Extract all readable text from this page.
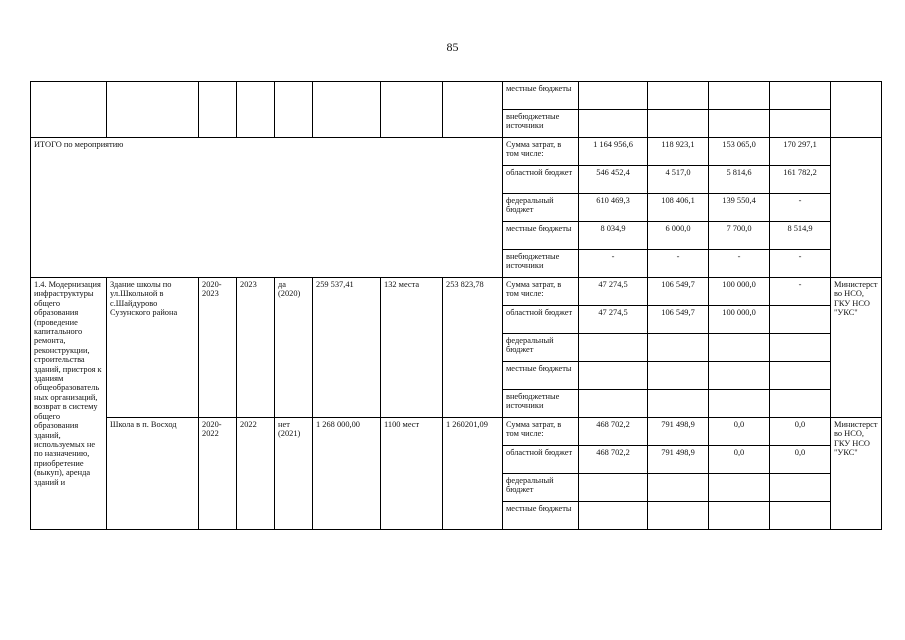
85
								местные бюджеты					
								внебюджетные источники					
ИТОГО по мероприятию								Сумма затрат, в том числе:	1 164 956,6	118 923,1	153 065,0	170 297,1	
								областной бюджет	546 452,4	4 517,0	5 814,6	161 782,2	
								федеральный бюджет	610 469,3	108 406,1	139 550,4	-	
								местные бюджеты	8 034,9	6 000,0	7 700,0	8 514,9	
								внебюджетные источники	-	-	-	-	
1.4. Модернизация инфраструктуры общего образования (проведение капитального ремонта, реконструкции, строительства зданий, пристроя к зданиям общеобразовательных организаций, возврат в систему общего образования зданий, используемых не по назначению, приобретение (выкуп), аренда зданий и	Здание школы по ул.Школьной в с.Шайдурово Сузунского района	2020-2023	2023	да (2020)	259 537,41	132 места	253 823,78	Сумма затрат, в том числе:	47 274,5	106 549,7	100 000,0	-	Министерство НСО, ГКУ НСО "УКС"
								областной бюджет	47 274,5	106 549,7	100 000,0		
								федеральный бюджет					
								местные бюджеты					
								внебюджетные источники					
	Школа в п. Восход	2020-2022	2022	нет (2021)	1 268 000,00	1100 мест	1 260201,09	Сумма затрат, в том числе:	468 702,2	791 498,9	0,0	0,0	Министерство НСО, ГКУ НСО "УКС"
								областной бюджет	468 702,2	791 498,9	0,0	0,0	
								федеральный бюджет					
								местные бюджеты					
